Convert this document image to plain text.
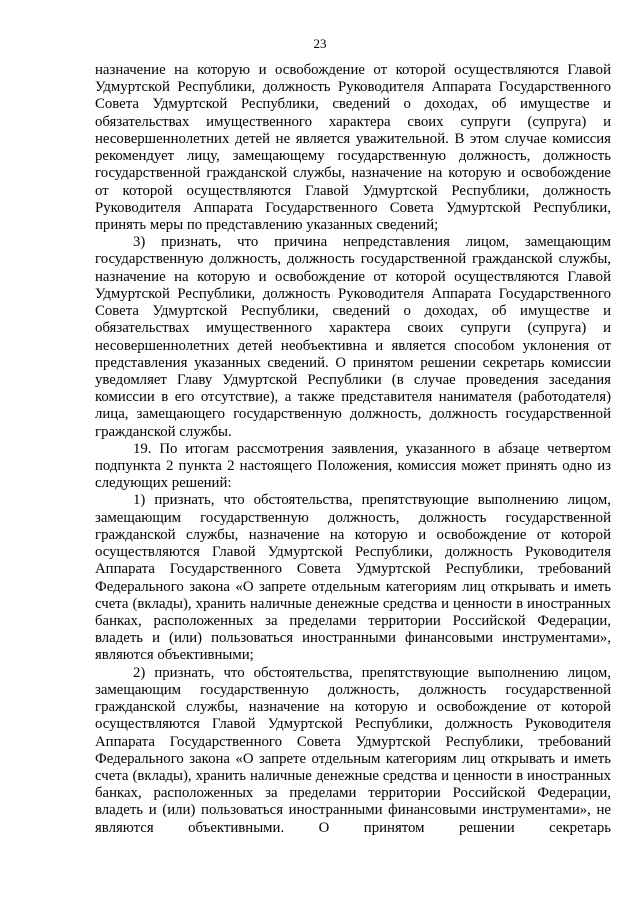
23

назначение на которую и освобождение от которой осуществляются Главой Удмуртской Республики, должность Руководителя Аппарата Государственного Совета Удмуртской Республики, сведений о доходах, об имуществе и обязательствах имущественного характера своих супруги (супруга) и несовершеннолетних детей не является уважительной. В этом случае комиссия рекомендует лицу, замещающему государственную должность, должность государственной гражданской службы, назначение на которую и освобождение от которой осуществляются Главой Удмуртской Республики, должность Руководителя Аппарата Государственного Совета Удмуртской Республики, принять меры по представлению указанных сведений;

3) признать, что причина непредставления лицом, замещающим государственную должность, должность государственной гражданской службы, назначение на которую и освобождение от которой осуществляются Главой Удмуртской Республики, должность Руководителя Аппарата Государственного Совета Удмуртской Республики, сведений о доходах, об имуществе и обязательствах имущественного характера своих супруги (супруга) и несовершеннолетних детей необъективна и является способом уклонения от представления указанных сведений. О принятом решении секретарь комиссии уведомляет Главу Удмуртской Республики (в случае проведения заседания комиссии в его отсутствие), а также представителя нанимателя (работодателя) лица, замещающего государственную должность, должность государственной гражданской службы.

19. По итогам рассмотрения заявления, указанного в абзаце четвертом подпункта 2 пункта 2 настоящего Положения, комиссия может принять одно из следующих решений:

1) признать, что обстоятельства, препятствующие выполнению лицом, замещающим государственную должность, должность государственной гражданской службы, назначение на которую и освобождение от которой осуществляются Главой Удмуртской Республики, должность Руководителя Аппарата Государственного Совета Удмуртской Республики, требований Федерального закона «О запрете отдельным категориям лиц открывать и иметь счета (вклады), хранить наличные денежные средства и ценности в иностранных банках, расположенных за пределами территории Российской Федерации, владеть и (или) пользоваться иностранными финансовыми инструментами», являются объективными;

2) признать, что обстоятельства, препятствующие выполнению лицом, замещающим государственную должность, должность государственной гражданской службы, назначение на которую и освобождение от которой осуществляются Главой Удмуртской Республики, должность Руководителя Аппарата Государственного Совета Удмуртской Республики, требований Федерального закона «О запрете отдельным категориям лиц открывать и иметь счета (вклады), хранить наличные денежные средства и ценности в иностранных банках, расположенных за пределами территории Российской Федерации, владеть и (или) пользоваться иностранными финансовыми инструментами», не являются объективными. О принятом решении секретарь
